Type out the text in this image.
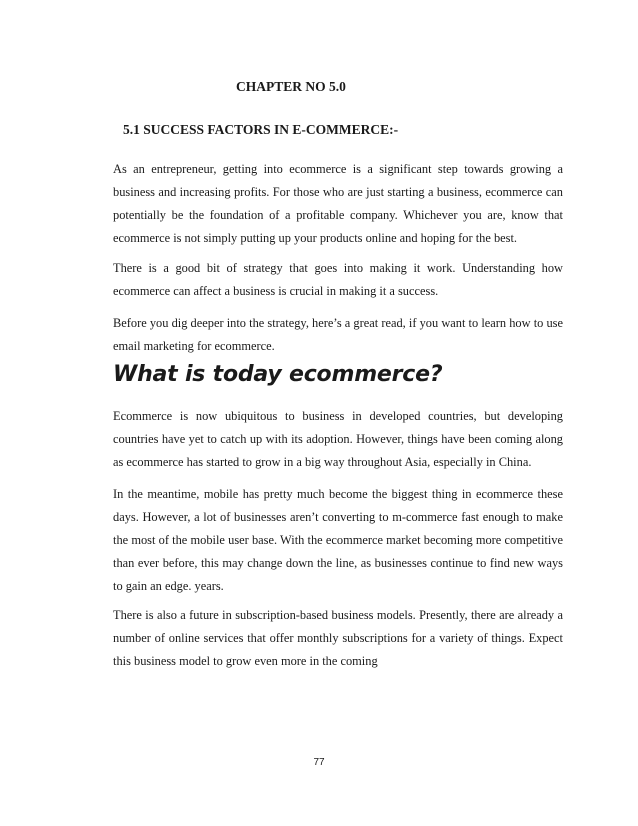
CHAPTER NO 5.0
5.1 SUCCESS FACTORS IN E-COMMERCE:-

As an entrepreneur, getting into ecommerce is a significant step towards growing a business and increasing profits. For those who are just starting a business, ecommerce can potentially be the foundation of a profitable company. Whichever you are, know that ecommerce is not simply putting up your products online and hoping for the best.

There is a good bit of strategy that goes into making it work. Understanding how ecommerce can affect a business is crucial in making it a success.

Before you dig deeper into the strategy, here’s a great read, if you want to learn how to use email marketing for ecommerce.

What is today ecommerce?

Ecommerce is now ubiquitous to business in developed countries, but developing countries have yet to catch up with its adoption. However, things have been coming along as ecommerce has started to grow in a big way throughout Asia, especially in China.

In the meantime, mobile has pretty much become the biggest thing in ecommerce these days. However, a lot of businesses aren’t converting to m-commerce fast enough to make the most of the mobile user base. With the ecommerce market becoming more competitive than ever before, this may change down the line, as businesses continue to find new ways to gain an edge. years.

There is also a future in subscription-based business models. Presently, there are already a number of online services that offer monthly subscriptions for a variety of things. Expect this business model to grow even more in the coming

77
